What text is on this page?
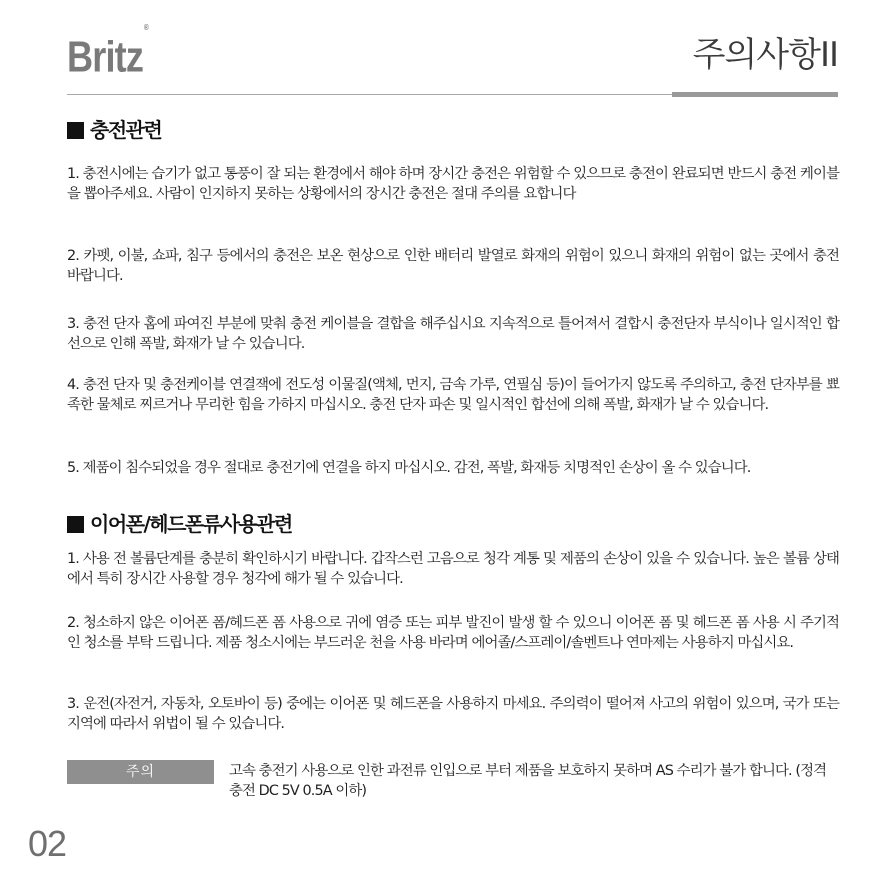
Britz®
주의사항II
충전관련
1. 충전시에는 습기가 없고 통풍이 잘 되는 환경에서 해야 하며 장시간 충전은 위험할 수 있으므로 충전이 완료되면 반드시 충전 케이블을 뽑아주세요. 사람이 인지하지 못하는 상황에서의 장시간 충전은 절대 주의를 요합니다
2. 카펫, 이불, 쇼파, 침구 등에서의 충전은 보온 현상으로 인한 배터리 발열로 화재의 위험이 있으니 화재의 위험이 없는 곳에서 충전 바랍니다.
3. 충전 단자 홈에 파여진 부분에 맞춰 충전 케이블을 결합을 해주십시요 지속적으로 틀어져서 결합시 충전단자 부식이나 일시적인 합선으로 인해 폭발, 화재가 날 수 있습니다.
4. 충전 단자 및 충전케이블 연결잭에 전도성 이물질(액체, 먼지, 금속 가루, 연필심 등)이 들어가지 않도록 주의하고, 충전 단자부를 뾰족한 물체로 찌르거나 무리한 힘을 가하지 마십시오. 충전 단자 파손 및 일시적인 합선에 의해 폭발, 화재가 날 수 있습니다.
5. 제품이 침수되었을 경우 절대로 충전기에 연결을 하지 마십시오. 감전, 폭발, 화재등 치명적인 손상이 올 수 있습니다.
이어폰/헤드폰류사용관련
1. 사용 전 볼륨단계를 충분히 확인하시기 바랍니다. 갑작스런 고음으로 청각 계통 및 제품의 손상이 있을 수 있습니다. 높은 볼륨 상태에서 특히 장시간 사용할 경우 청각에 해가 될 수 있습니다.
2. 청소하지 않은 이어폰 폼/헤드폰 폼 사용으로 귀에 염증 또는 피부 발진이 발생 할 수 있으니 이어폰 폼 및 헤드폰 폼 사용 시 주기적인 청소를 부탁 드립니다. 제품 청소시에는 부드러운 천을 사용 바라며 에어졸/스프레이/솔벤트나 연마제는 사용하지 마십시요.
3. 운전(자전거, 자동차, 오토바이 등) 중에는 이어폰 및 헤드폰을 사용하지 마세요. 주의력이 떨어져 사고의 위험이 있으며, 국가 또는 지역에 따라서 위법이 될 수 있습니다.
주의	고속 충전기 사용으로 인한 과전류 인입으로 부터 제품을 보호하지 못하며 AS 수리가 불가 합니다. (정격 충전 DC 5V 0.5A 이하)
02
